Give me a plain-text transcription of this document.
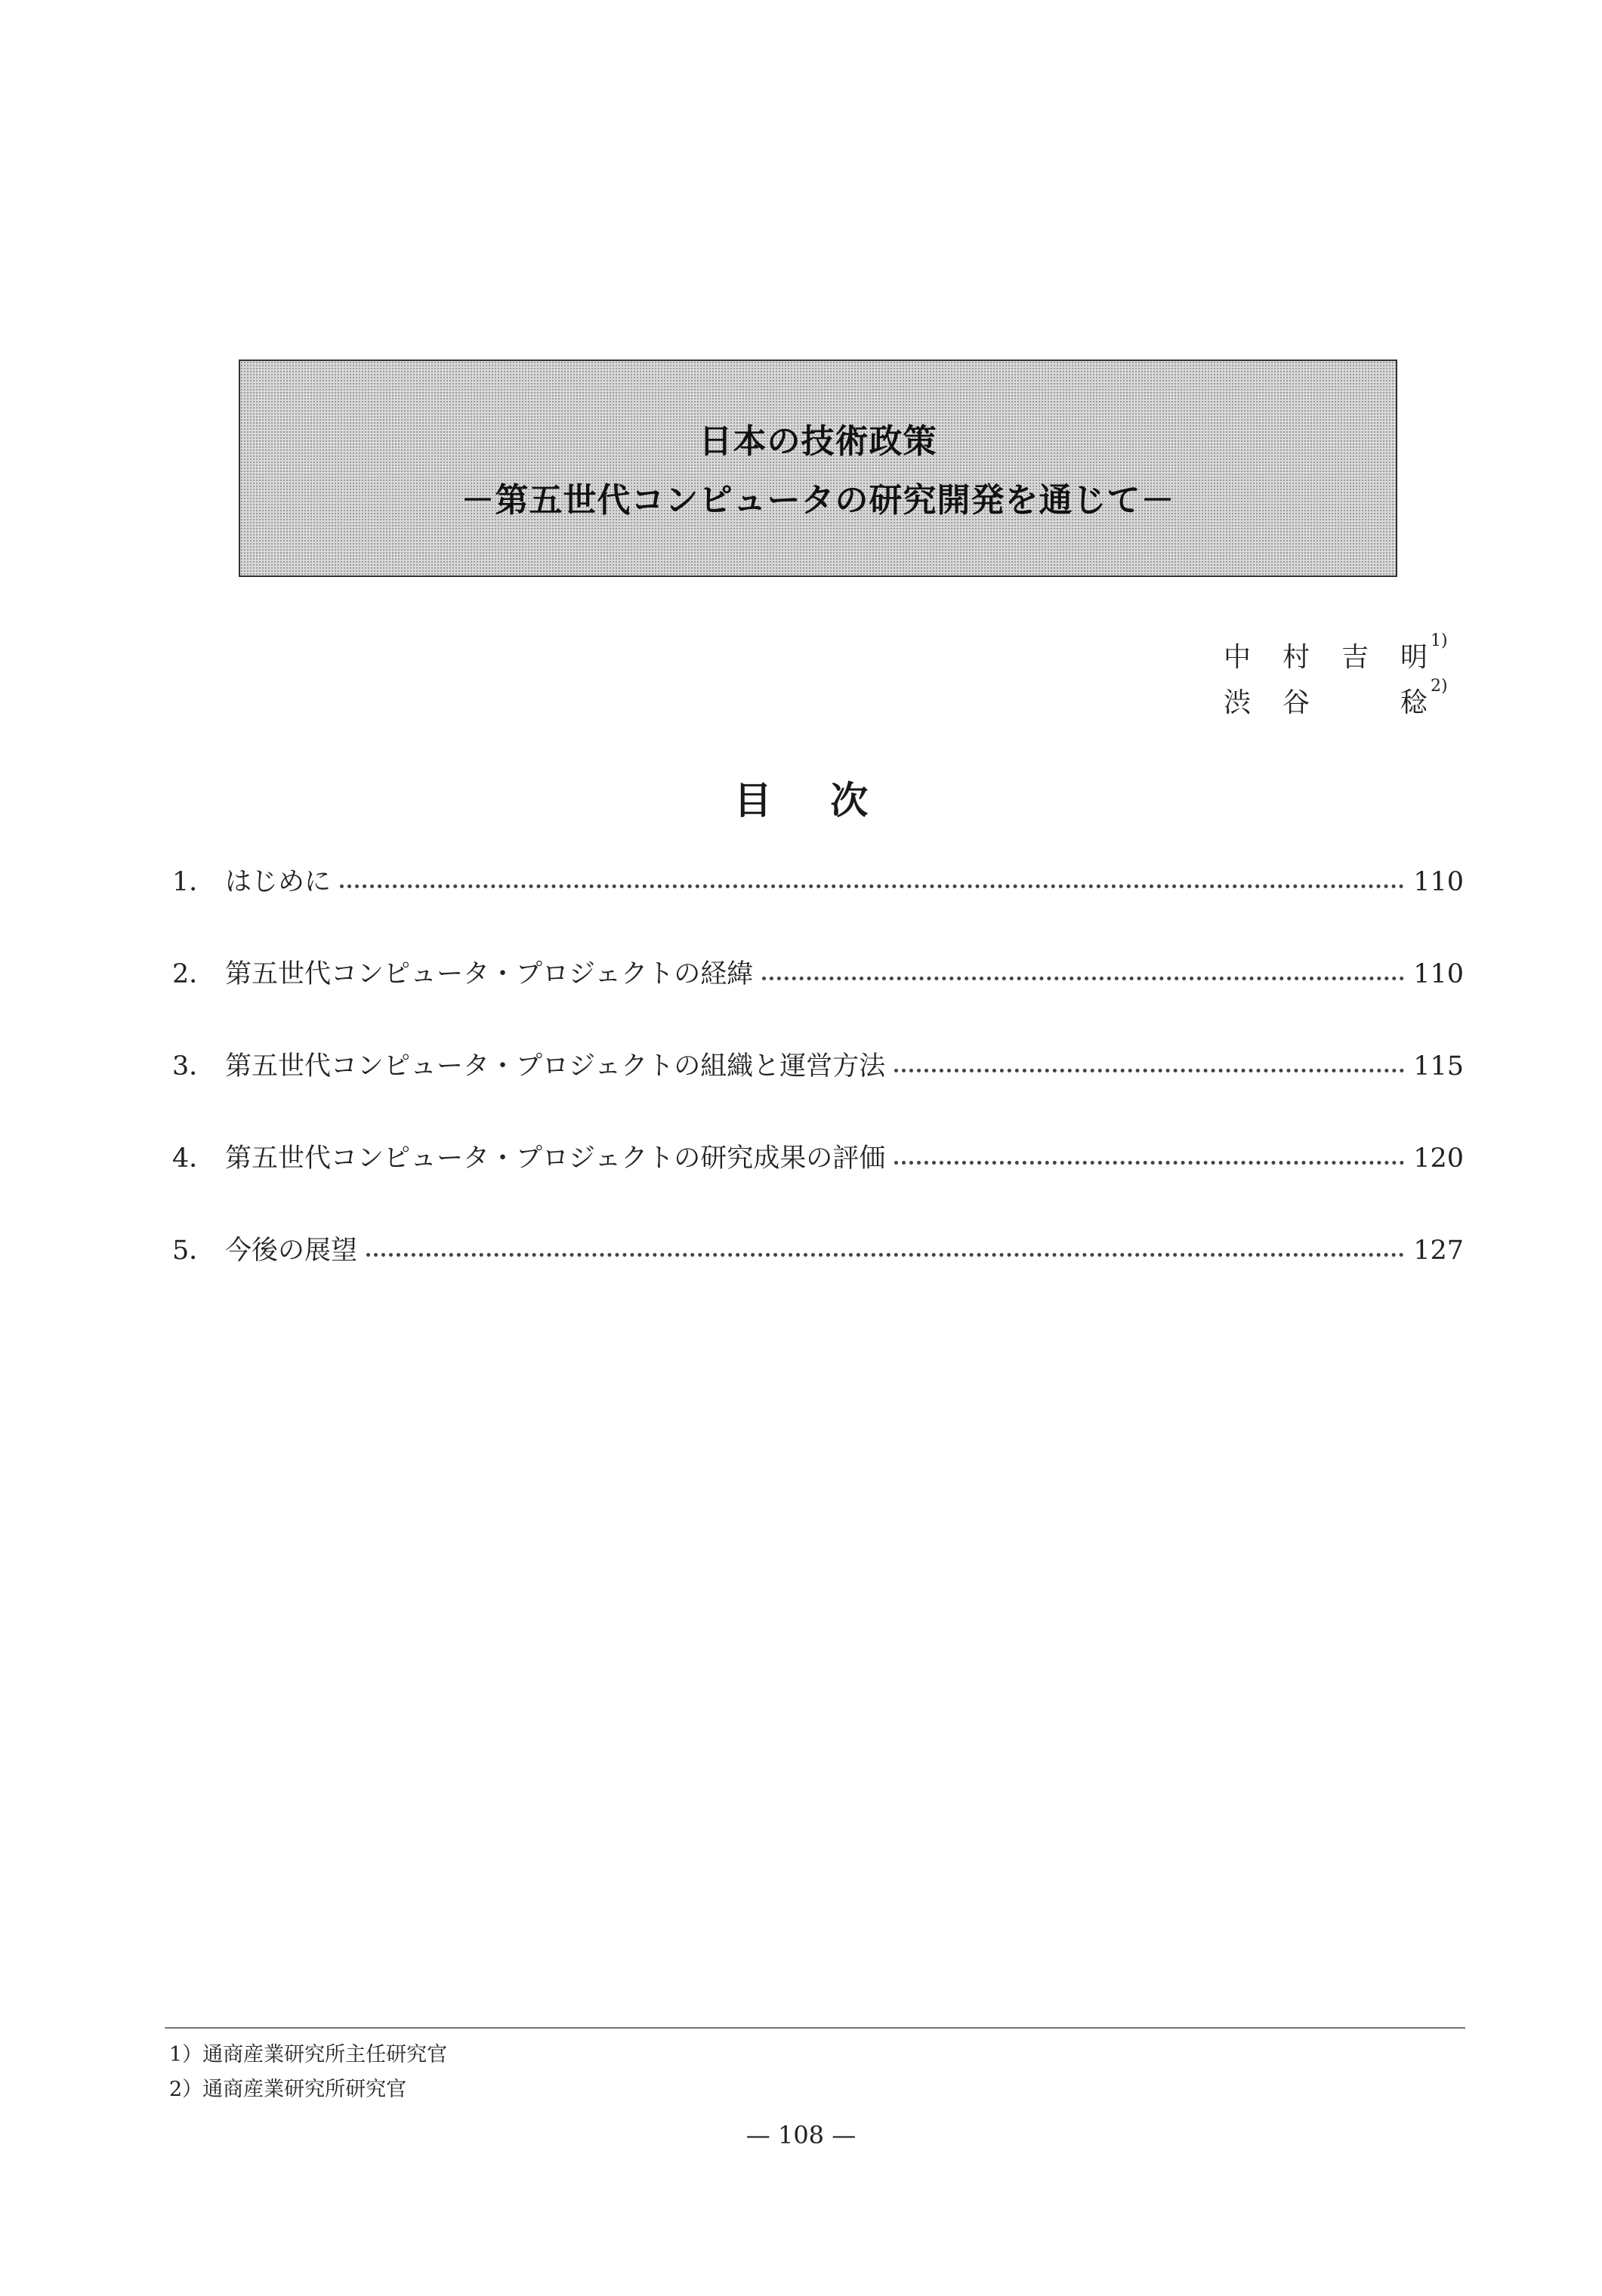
日本の技術政策
－第五世代コンピュータの研究開発を通じて－
中 村 吉 明
1)
渋 谷	稔
2)
目 次
1． はじめに	110
2． 第五世代コンピュータ・プロジェクトの経緯	110
3． 第五世代コンピュータ・プロジェクトの組織と運営方法	115
4． 第五世代コンピュータ・プロジェクトの研究成果の評価	120
5． 今後の展望	127
1）通商産業研究所主任研究官
2）通商産業研究所研究官
— 108 —
